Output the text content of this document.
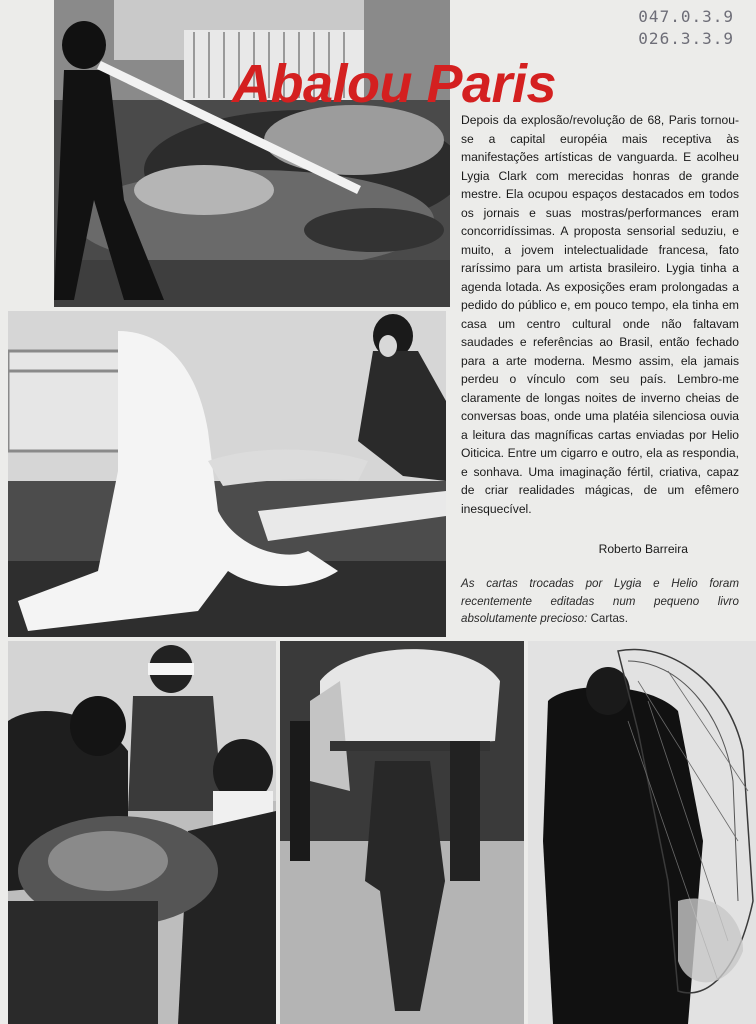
047.0.3.9
026.3.3.9
Abalou Paris

Depois da explosão/revolução de 68, Paris tornou-se a capital européia mais receptiva às manifestações artísticas de vanguarda. E acolheu Lygia Clark com merecidas honras de grande mestre. Ela ocupou espaços destacados em todos os jornais e suas mostras/performances eram concorridíssimas. A proposta sensorial seduziu, e muito, a jovem intelectualidade francesa, fato raríssimo para um artista brasileiro. Lygia tinha a agenda lotada. As exposições eram prolongadas a pedido do público e, em pouco tempo, ela tinha em casa um centro cultural onde não faltavam saudades e referências ao Brasil, então fechado para a arte moderna. Mesmo assim, ela jamais perdeu o vínculo com seu país. Lembro-me claramente de longas noites de inverno cheias de conversas boas, onde uma platéia silenciosa ouvia a leitura das magníficas cartas enviadas por Helio Oiticica. Entre um cigarro e outro, ela as respondia, e sonhava. Uma imaginação fértil, criativa, capaz de criar realidades mágicas, de um efêmero inesquecível.

Roberto Barreira

As cartas trocadas por Lygia e Helio foram recentemente editadas num pequeno livro absolutamente precioso: Cartas.
